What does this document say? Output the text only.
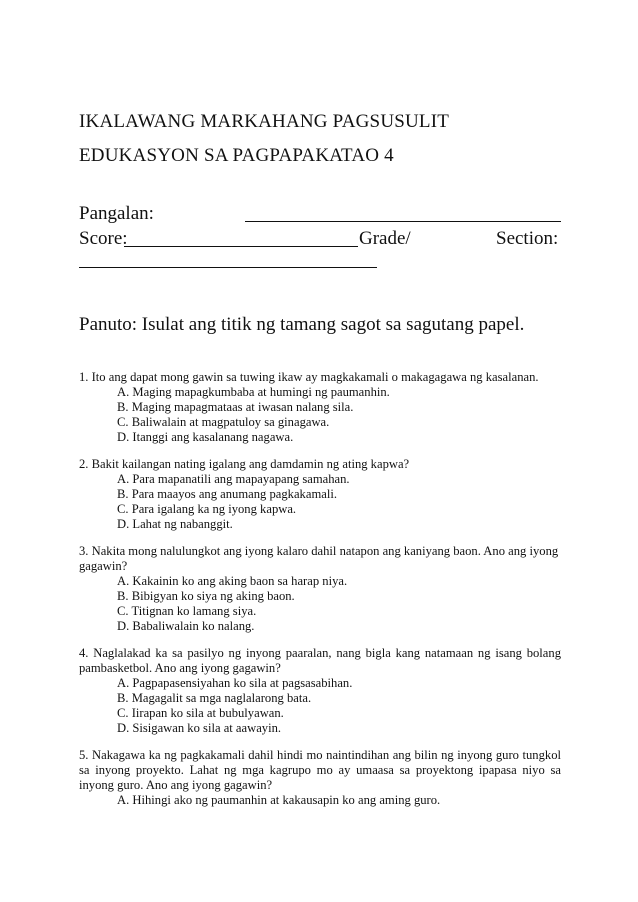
IKALAWANG MARKAHANG PAGSUSULIT
EDUKASYON SA PAGPAPAKATAO 4
Pangalan:
Score:	Grade/	Section:
Panuto: Isulat ang titik ng tamang sagot sa sagutang papel.
1. Ito ang dapat mong gawin sa tuwing ikaw ay magkakamali o makagagawa ng kasalanan.
A. Maging mapagkumbaba at humingi ng paumanhin.
B. Maging mapagmataas at iwasan nalang sila.
C. Baliwalain at magpatuloy sa ginagawa.
D. Itanggi ang kasalanang nagawa.
2. Bakit kailangan nating igalang ang damdamin ng ating kapwa?
A. Para mapanatili ang mapayapang samahan.
B. Para maayos ang anumang pagkakamali.
C. Para igalang ka ng iyong kapwa.
D. Lahat ng nabanggit.
3. Nakita mong nalulungkot ang iyong kalaro dahil natapon ang kaniyang baon. Ano ang iyong gagawin?
A. Kakainin ko ang aking baon sa harap niya.
B. Bibigyan ko siya ng aking baon.
C. Titignan ko lamang siya.
D. Babaliwalain ko nalang.
4. Naglalakad ka sa pasilyo ng inyong paaralan, nang bigla kang natamaan ng isang bolang pambasketbol. Ano ang iyong gagawin?
A. Pagpapasensiyahan ko sila at pagsasabihan.
B. Magagalit sa mga naglalarong bata.
C. Iirapan ko sila at bubulyawan.
D. Sisigawan ko sila at aawayin.
5. Nakagawa ka ng pagkakamali dahil hindi mo naintindihan ang bilin ng inyong guro tungkol sa inyong proyekto. Lahat ng mga kagrupo mo ay umaasa sa proyektong ipapasa niyo sa inyong guro. Ano ang iyong gagawin?
A. Hihingi ako ng paumanhin at kakausapin ko ang aming guro.
